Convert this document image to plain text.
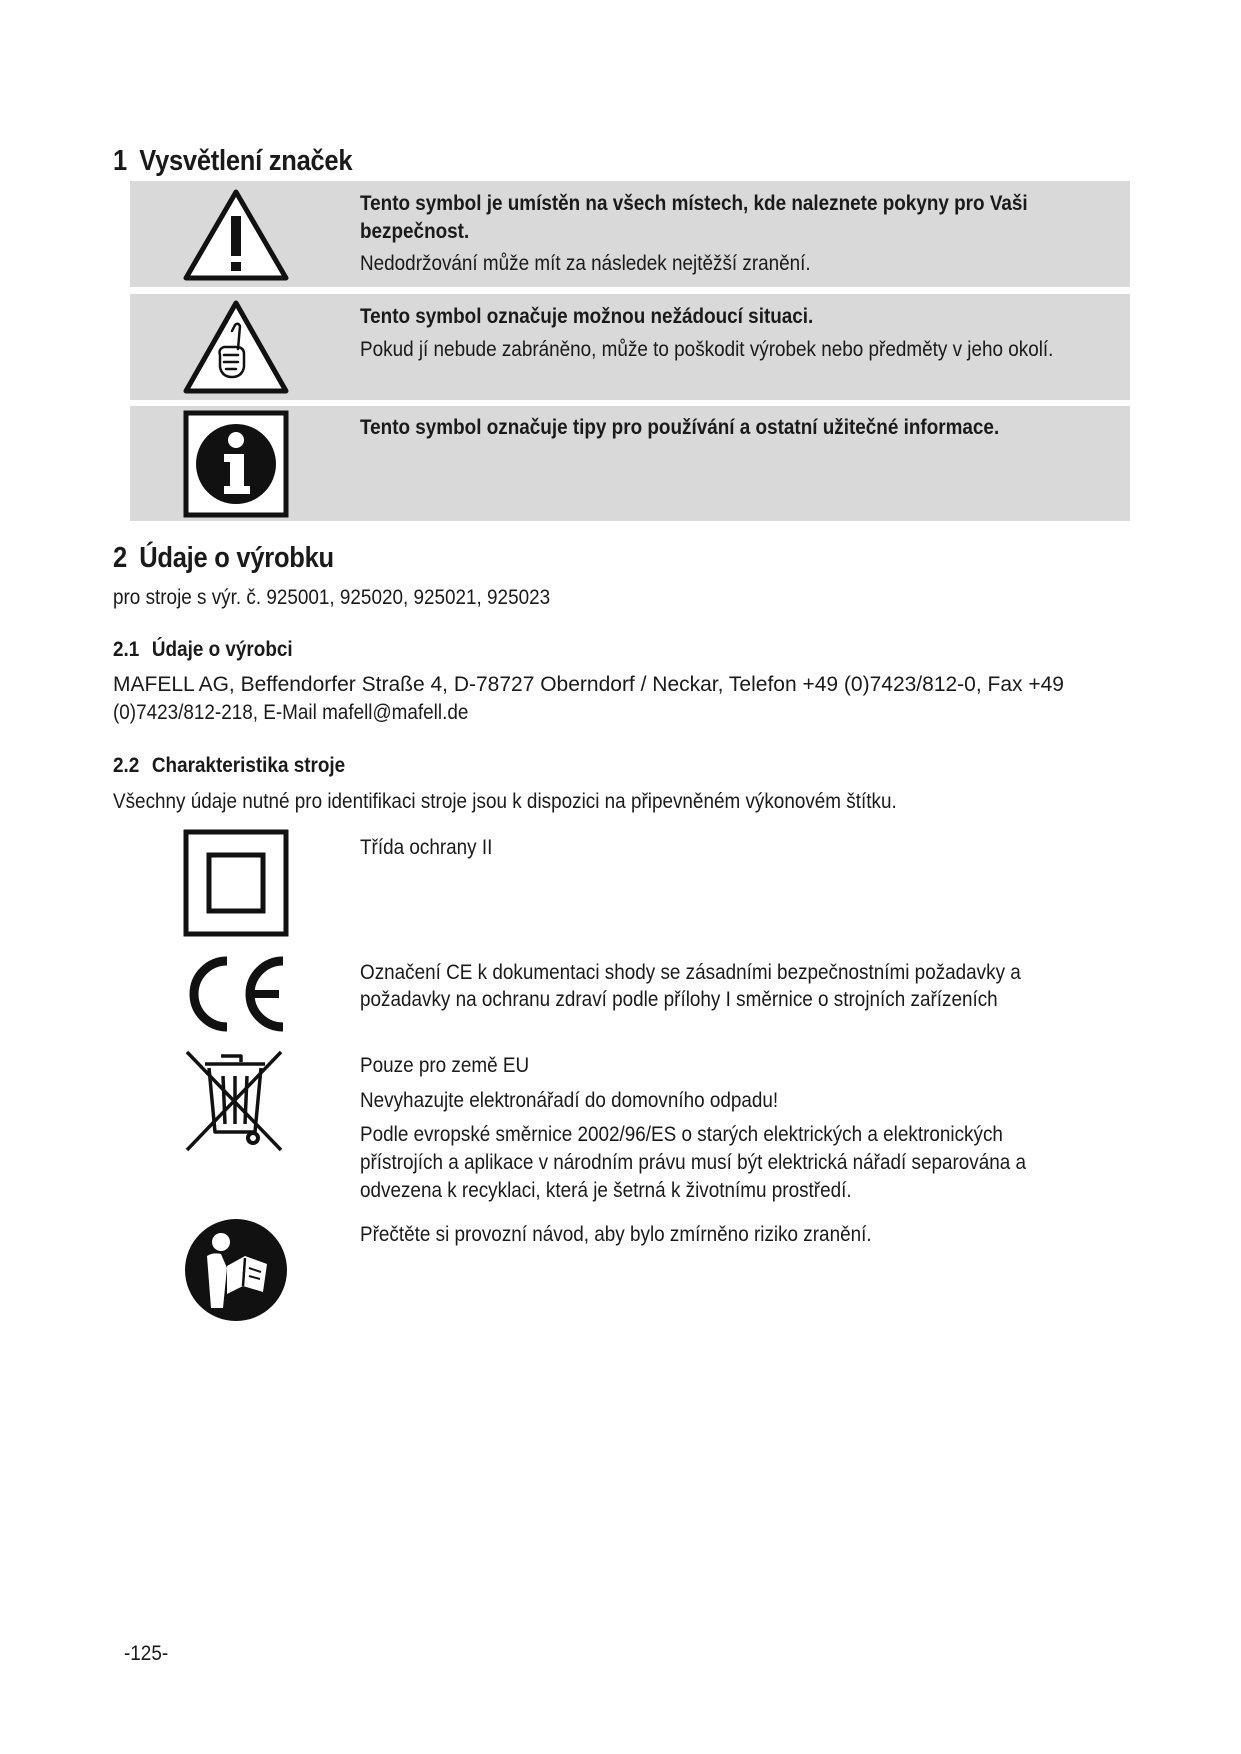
1 Vysvětlení značek
Tento symbol je umístěn na všech místech, kde naleznete pokyny pro Vaši
bezpečnost.
Nedodržování může mít za následek nejtěžší zranění.
Tento symbol označuje možnou nežádoucí situaci.
Pokud jí nebude zabráněno, může to poškodit výrobek nebo předměty v jeho okolí.
Tento symbol označuje tipy pro používání a ostatní užitečné informace.
2 Údaje o výrobku
pro stroje s výr. č. 925001, 925020, 925021, 925023
2.1 Údaje o výrobci
MAFELL AG, Beffendorfer Straße 4, D-78727 Oberndorf / Neckar, Telefon +49 (0)7423/812-0, Fax +49
(0)7423/812-218, E-Mail mafell@mafell.de
2.2 Charakteristika stroje
Všechny údaje nutné pro identifikaci stroje jsou k dispozici na připevněném výkonovém štítku.
Třída ochrany II
Označení CE k dokumentaci shody se zásadními bezpečnostními požadavky a
požadavky na ochranu zdraví podle přílohy I směrnice o strojních zařízeních
Pouze pro země EU
Nevyhazujte elektronářadí do domovního odpadu!
Podle evropské směrnice 2002/96/ES o starých elektrických a elektronických
přístrojích a aplikace v národním právu musí být elektrická nářadí separována a
odvezena k recyklaci, která je šetrná k životnímu prostředí.
Přečtěte si provozní návod, aby bylo zmírněno riziko zranění.
-125-
